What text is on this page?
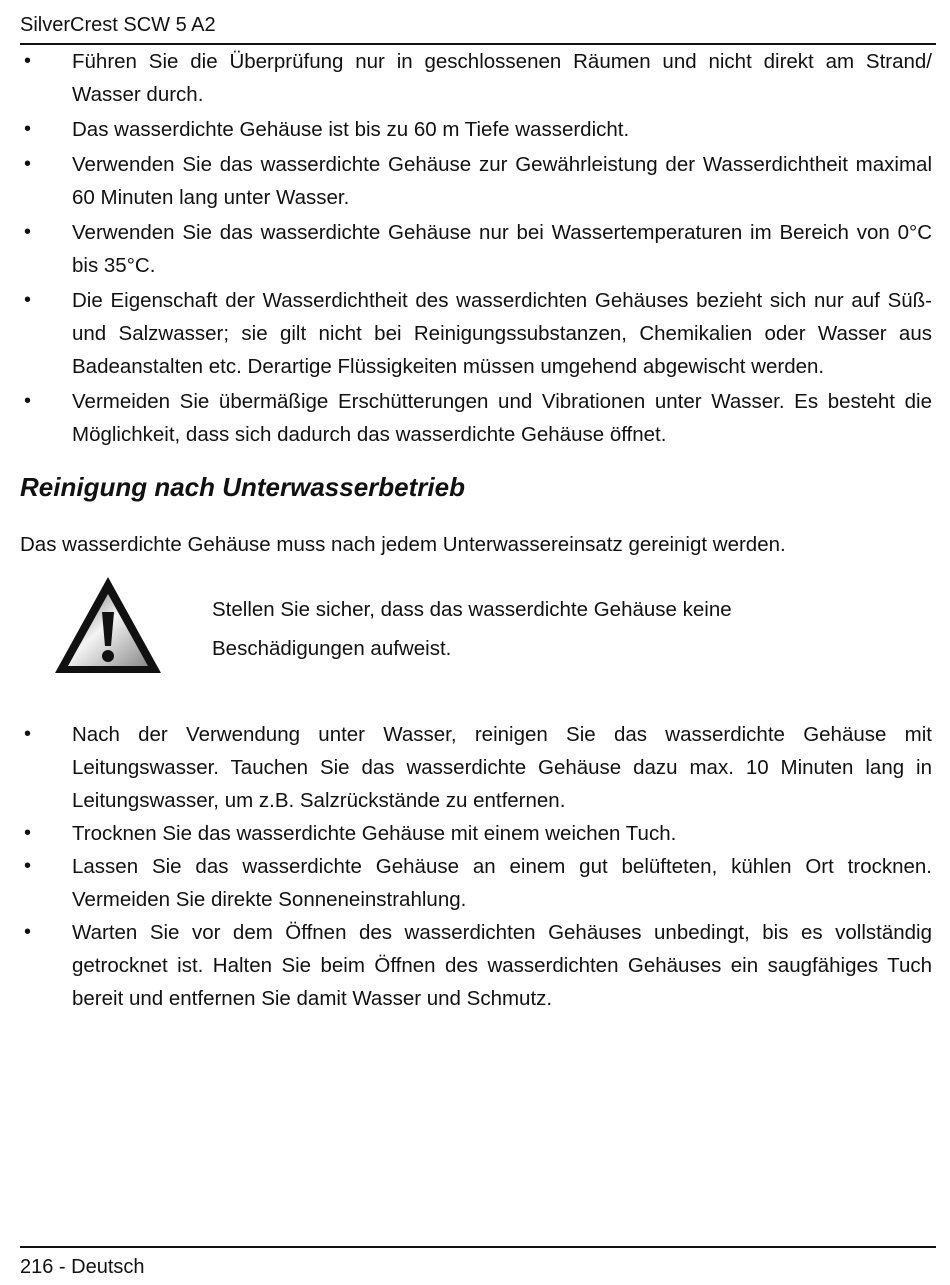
SilverCrest SCW 5 A2
•	Führen Sie die Überprüfung nur in geschlossenen Räumen und nicht direkt am Strand/ Wasser durch.
•	Das wasserdichte Gehäuse ist bis zu 60 m Tiefe wasserdicht.
•	Verwenden Sie das wasserdichte Gehäuse zur Gewährleistung der Wasserdichtheit maximal 60 Minuten lang unter Wasser.
•	Verwenden Sie das wasserdichte Gehäuse nur bei Wassertemperaturen im Bereich von 0°C bis 35°C.
•	Die Eigenschaft der Wasserdichtheit des wasserdichten Gehäuses bezieht sich nur auf Süß- und Salzwasser; sie gilt nicht bei Reinigungssubstanzen, Chemikalien oder Wasser aus Badeanstalten etc. Derartige Flüssigkeiten müssen umgehend abgewischt werden.
•	Vermeiden Sie übermäßige Erschütterungen und Vibrationen unter Wasser. Es besteht die Möglichkeit, dass sich dadurch das wasserdichte Gehäuse öffnet.
Reinigung nach Unterwasserbetrieb
Das wasserdichte Gehäuse muss nach jedem Unterwassereinsatz gereinigt werden.
Stellen Sie sicher, dass das wasserdichte Gehäuse keine
Beschädigungen aufweist.
•	Nach der Verwendung unter Wasser, reinigen Sie das wasserdichte Gehäuse mit Leitungswasser. Tauchen Sie das wasserdichte Gehäuse dazu max. 10 Minuten lang in Leitungswasser, um z.B. Salzrückstände zu entfernen.
•	Trocknen Sie das wasserdichte Gehäuse mit einem weichen Tuch.
•	Lassen Sie das wasserdichte Gehäuse an einem gut belüfteten, kühlen Ort trocknen. Vermeiden Sie direkte Sonneneinstrahlung.
•	Warten Sie vor dem Öffnen des wasserdichten Gehäuses unbedingt, bis es vollständig getrocknet ist. Halten Sie beim Öffnen des wasserdichten Gehäuses ein saugfähiges Tuch bereit und entfernen Sie damit Wasser und Schmutz.
216 - Deutsch
